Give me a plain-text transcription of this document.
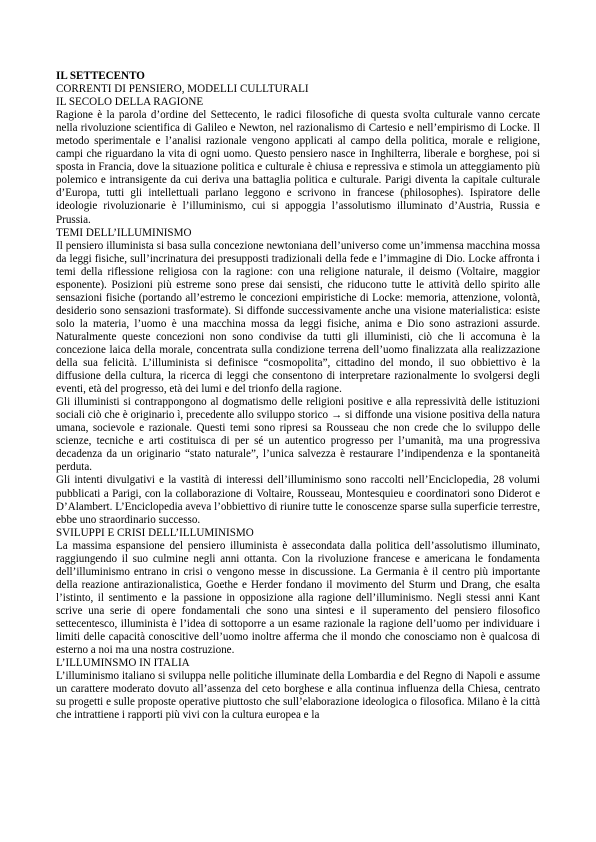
IL SETTECENTO
CORRENTI DI PENSIERO, MODELLI CULLTURALI
IL SECOLO DELLA RAGIONE

Ragione è la parola d’ordine del Settecento, le radici filosofiche di questa svolta culturale vanno cercate nella rivoluzione scientifica di Galileo e Newton, nel razionalismo di Cartesio e nell’empirismo di Locke. Il metodo sperimentale e l’analisi razionale vengono applicati al campo della politica, morale e religione, campi che riguardano la vita di ogni uomo. Questo pensiero nasce in Inghilterra, liberale e borghese, poi si sposta in Francia, dove la situazione politica e culturale è chiusa e repressiva e stimola un atteggiamento più polemico e intransigente da cui deriva una battaglia politica e culturale. Parigi diventa la capitale culturale d’Europa, tutti gli intellettuali parlano leggono e scrivono in francese (philosophes). Ispiratore delle ideologie rivoluzionarie è l’illuminismo, cui si appoggia l’assolutismo illuminato d’Austria, Russia e Prussia.

TEMI DELL’ILLUMINISMO

Il pensiero illuminista si basa sulla concezione newtoniana dell’universo come un’immensa macchina mossa da leggi fisiche, sull’incrinatura dei presupposti tradizionali della fede e l’immagine di Dio. Locke affronta i temi della riflessione religiosa con la ragione: con una religione naturale, il deismo (Voltaire, maggior esponente). Posizioni più estreme sono prese dai sensisti, che riducono tutte le attività dello spirito alle sensazioni fisiche (portando all’estremo le concezioni empiristiche di Locke: memoria, attenzione, volontà, desiderio sono sensazioni trasformate). Si diffonde successivamente anche una visione materialistica: esiste solo la materia, l’uomo è una macchina mossa da leggi fisiche, anima e Dio sono astrazioni assurde. Naturalmente queste concezioni non sono condivise da tutti gli illuministi, ciò che li accomuna è la concezione laica della morale, concentrata sulla condizione terrena dell’uomo finalizzata alla realizzazione della sua felicità. L’illuminista si definisce “cosmopolita”, cittadino del mondo, il suo obbiettivo è la diffusione della cultura, la ricerca di leggi che consentono di interpretare razionalmente lo svolgersi degli eventi, età del progresso, età dei lumi e del trionfo della ragione.

Gli illuministi si contrappongono al dogmatismo delle religioni positive e alla repressività delle istituzioni sociali ciò che è originario ì, precedente allo sviluppo storico → si diffonde una visione positiva della natura umana, socievole e razionale. Questi temi sono ripresi sa Rousseau che non crede che lo sviluppo delle scienze, tecniche e arti costituisca di per sé un autentico progresso per l’umanità, ma una progressiva decadenza da un originario “stato naturale”, l’unica salvezza è restaurare l’indipendenza e la spontaneità perduta.

Gli intenti divulgativi e la vastità di interessi dell’illuminismo sono raccolti nell’Enciclopedia, 28 volumi pubblicati a Parigi, con la collaborazione di Voltaire, Rousseau, Montesquieu e coordinatori sono Diderot e D’Alambert. L’Enciclopedia aveva l’obbiettivo di riunire tutte le conoscenze sparse sulla superficie terrestre, ebbe uno straordinario successo.

SVILUPPI E CRISI DELL’ILLUMINISMO

La massima espansione del pensiero illuminista è assecondata dalla politica dell’assolutismo illuminato, raggiungendo il suo culmine negli anni ottanta. Con la rivoluzione francese e americana le fondamenta dell’illuminismo entrano in crisi o vengono messe in discussione. La Germania è il centro più importante della reazione antirazionalistica, Goethe e Herder fondano il movimento del Sturm und Drang, che esalta l’istinto, il sentimento e la passione in opposizione alla ragione dell’illuminismo. Negli stessi anni Kant scrive una serie di opere fondamentali che sono una sintesi e il superamento del pensiero filosofico settecentesco, illuminista è l’idea di sottoporre a un esame razionale la ragione dell’uomo per individuare i limiti delle capacità conoscitive dell’uomo inoltre afferma che il mondo che conosciamo non è qualcosa di esterno a noi ma una nostra costruzione.

L’ILLUMINSMO IN ITALIA

L’illuminismo italiano si sviluppa nelle politiche illuminate della Lombardia e del Regno di Napoli e assume un carattere moderato dovuto all’assenza del ceto borghese e alla continua influenza della Chiesa, centrato su progetti e sulle proposte operative piuttosto che sull’elaborazione ideologica o filosofica. Milano è la città che intrattiene i rapporti più vivi con la cultura europea e la
